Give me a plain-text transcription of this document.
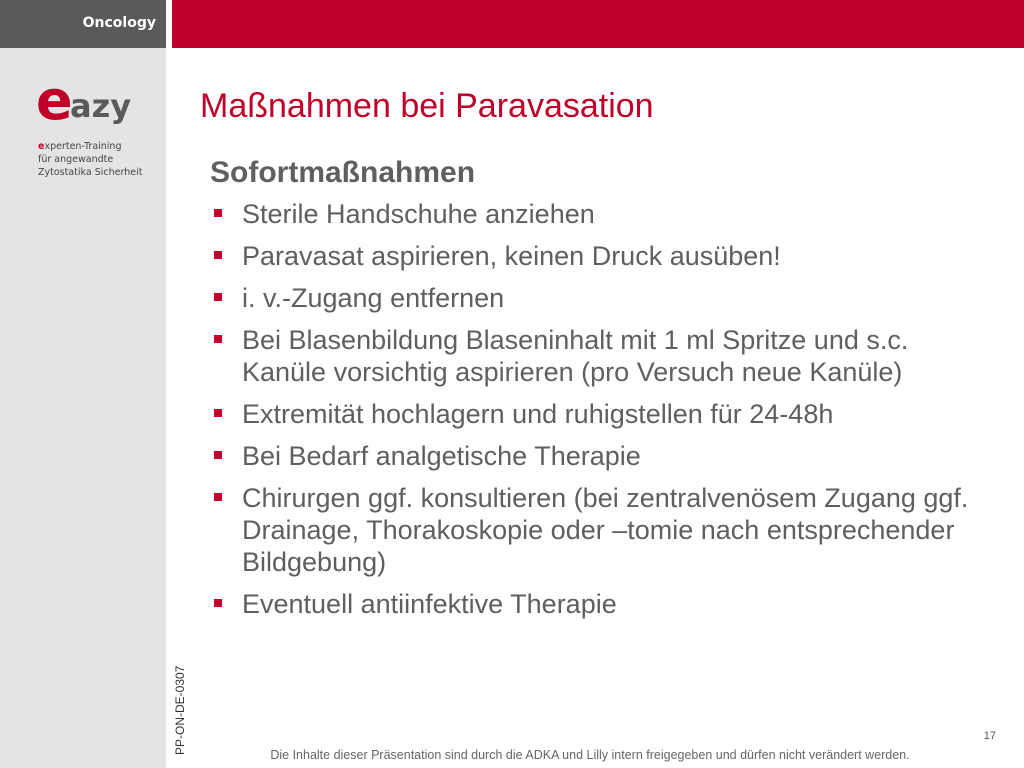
Oncology
e
azy
experten-Training
für angewandte
Zytostatika Sicherheit
PP-ON-DE-0307
Maßnahmen bei Paravasation
Sofortmaßnahmen
Sterile Handschuhe anziehen
Paravasat aspirieren, keinen Druck ausüben!
i. v.-Zugang entfernen
Bei Blasenbildung Blaseninhalt mit 1 ml Spritze und s.c. Kanüle vorsichtig aspirieren (pro Versuch neue Kanüle)
Extremität hochlagern und ruhigstellen für 24-48h
Bei Bedarf analgetische Therapie
Chirurgen ggf. konsultieren (bei zentralvenösem Zugang ggf. Drainage, Thorakoskopie oder –tomie nach entsprechender Bildgebung)
Eventuell antiinfektive Therapie
17
Die Inhalte dieser Präsentation sind durch die ADKA und Lilly intern freigegeben und dürfen nicht verändert werden.
